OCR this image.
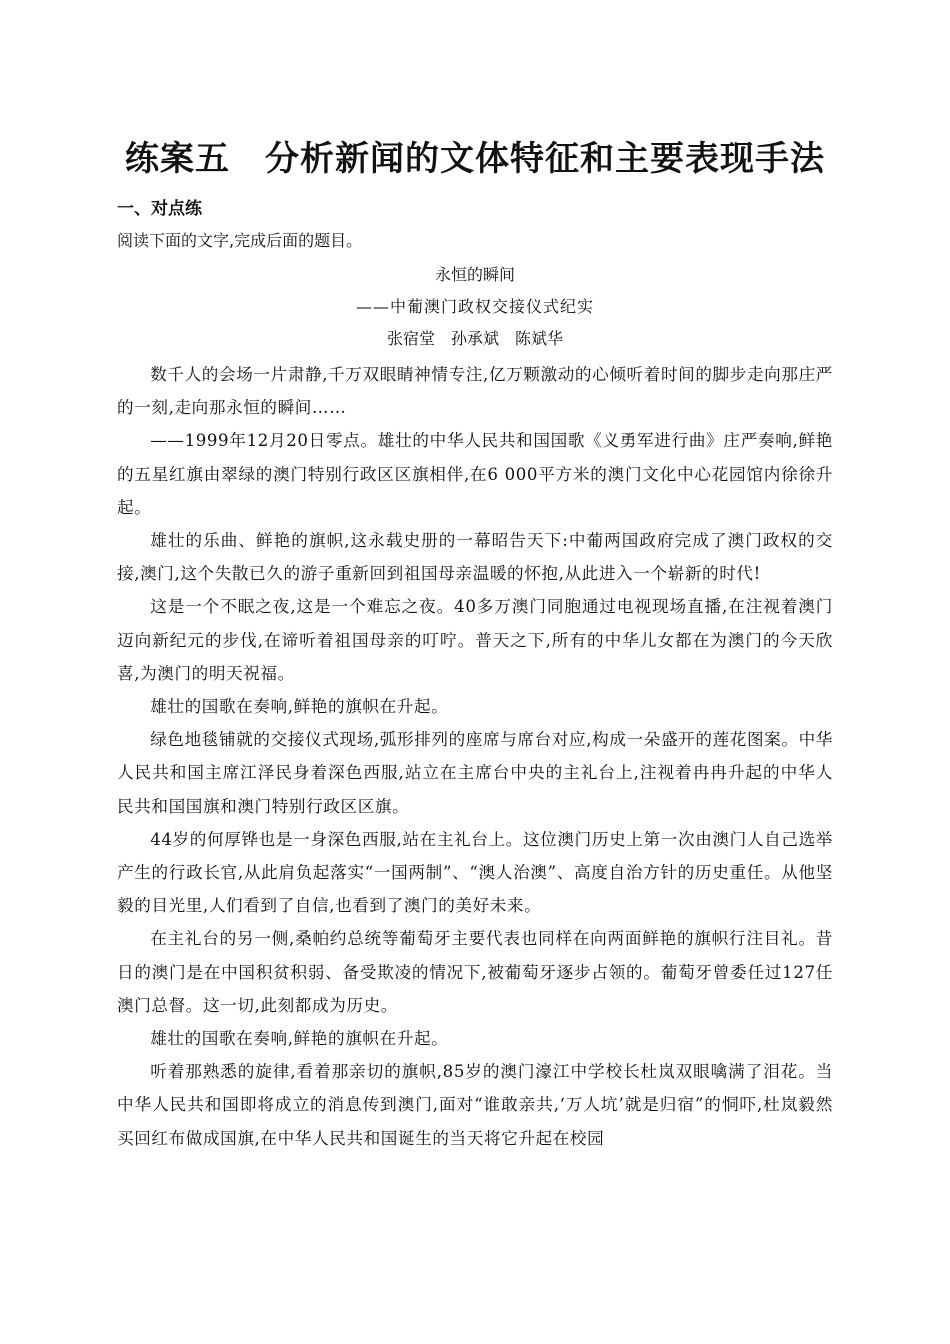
练案五　分析新闻的文体特征和主要表现手法
一、对点练
阅读下面的文字,完成后面的题目。
永恒的瞬间
——中葡澳门政权交接仪式纪实
张宿堂　孙承斌　陈斌华

数千人的会场一片肃静,千万双眼睛神情专注,亿万颗激动的心倾听着时间的脚步走向那庄严的一刻,走向那永恒的瞬间……

——1999年12月20日零点。雄壮的中华人民共和国国歌《义勇军进行曲》庄严奏响,鲜艳的五星红旗由翠绿的澳门特别行政区区旗相伴,在6 000平方米的澳门文化中心花园馆内徐徐升起。

雄壮的乐曲、鲜艳的旗帜,这永载史册的一幕昭告天下:中葡两国政府完成了澳门政权的交接,澳门,这个失散已久的游子重新回到祖国母亲温暖的怀抱,从此进入一个崭新的时代!

这是一个不眠之夜,这是一个难忘之夜。40多万澳门同胞通过电视现场直播,在注视着澳门迈向新纪元的步伐,在谛听着祖国母亲的叮咛。普天之下,所有的中华儿女都在为澳门的今天欣喜,为澳门的明天祝福。

雄壮的国歌在奏响,鲜艳的旗帜在升起。

绿色地毯铺就的交接仪式现场,弧形排列的座席与席台对应,构成一朵盛开的莲花图案。中华人民共和国主席江泽民身着深色西服,站立在主席台中央的主礼台上,注视着冉冉升起的中华人民共和国国旗和澳门特别行政区区旗。

44岁的何厚铧也是一身深色西服,站在主礼台上。这位澳门历史上第一次由澳门人自己选举产生的行政长官,从此肩负起落实“一国两制”、“澳人治澳”、高度自治方针的历史重任。从他坚毅的目光里,人们看到了自信,也看到了澳门的美好未来。

在主礼台的另一侧,桑帕约总统等葡萄牙主要代表也同样在向两面鲜艳的旗帜行注目礼。昔日的澳门是在中国积贫积弱、备受欺凌的情况下,被葡萄牙逐步占领的。葡萄牙曾委任过127任澳门总督。这一切,此刻都成为历史。

雄壮的国歌在奏响,鲜艳的旗帜在升起。

听着那熟悉的旋律,看着那亲切的旗帜,85岁的澳门濠江中学校长杜岚双眼噙满了泪花。当中华人民共和国即将成立的消息传到澳门,面对“谁敢亲共,‘万人坑’就是归宿”的恫吓,杜岚毅然买回红布做成国旗,在中华人民共和国诞生的当天将它升起在校园
